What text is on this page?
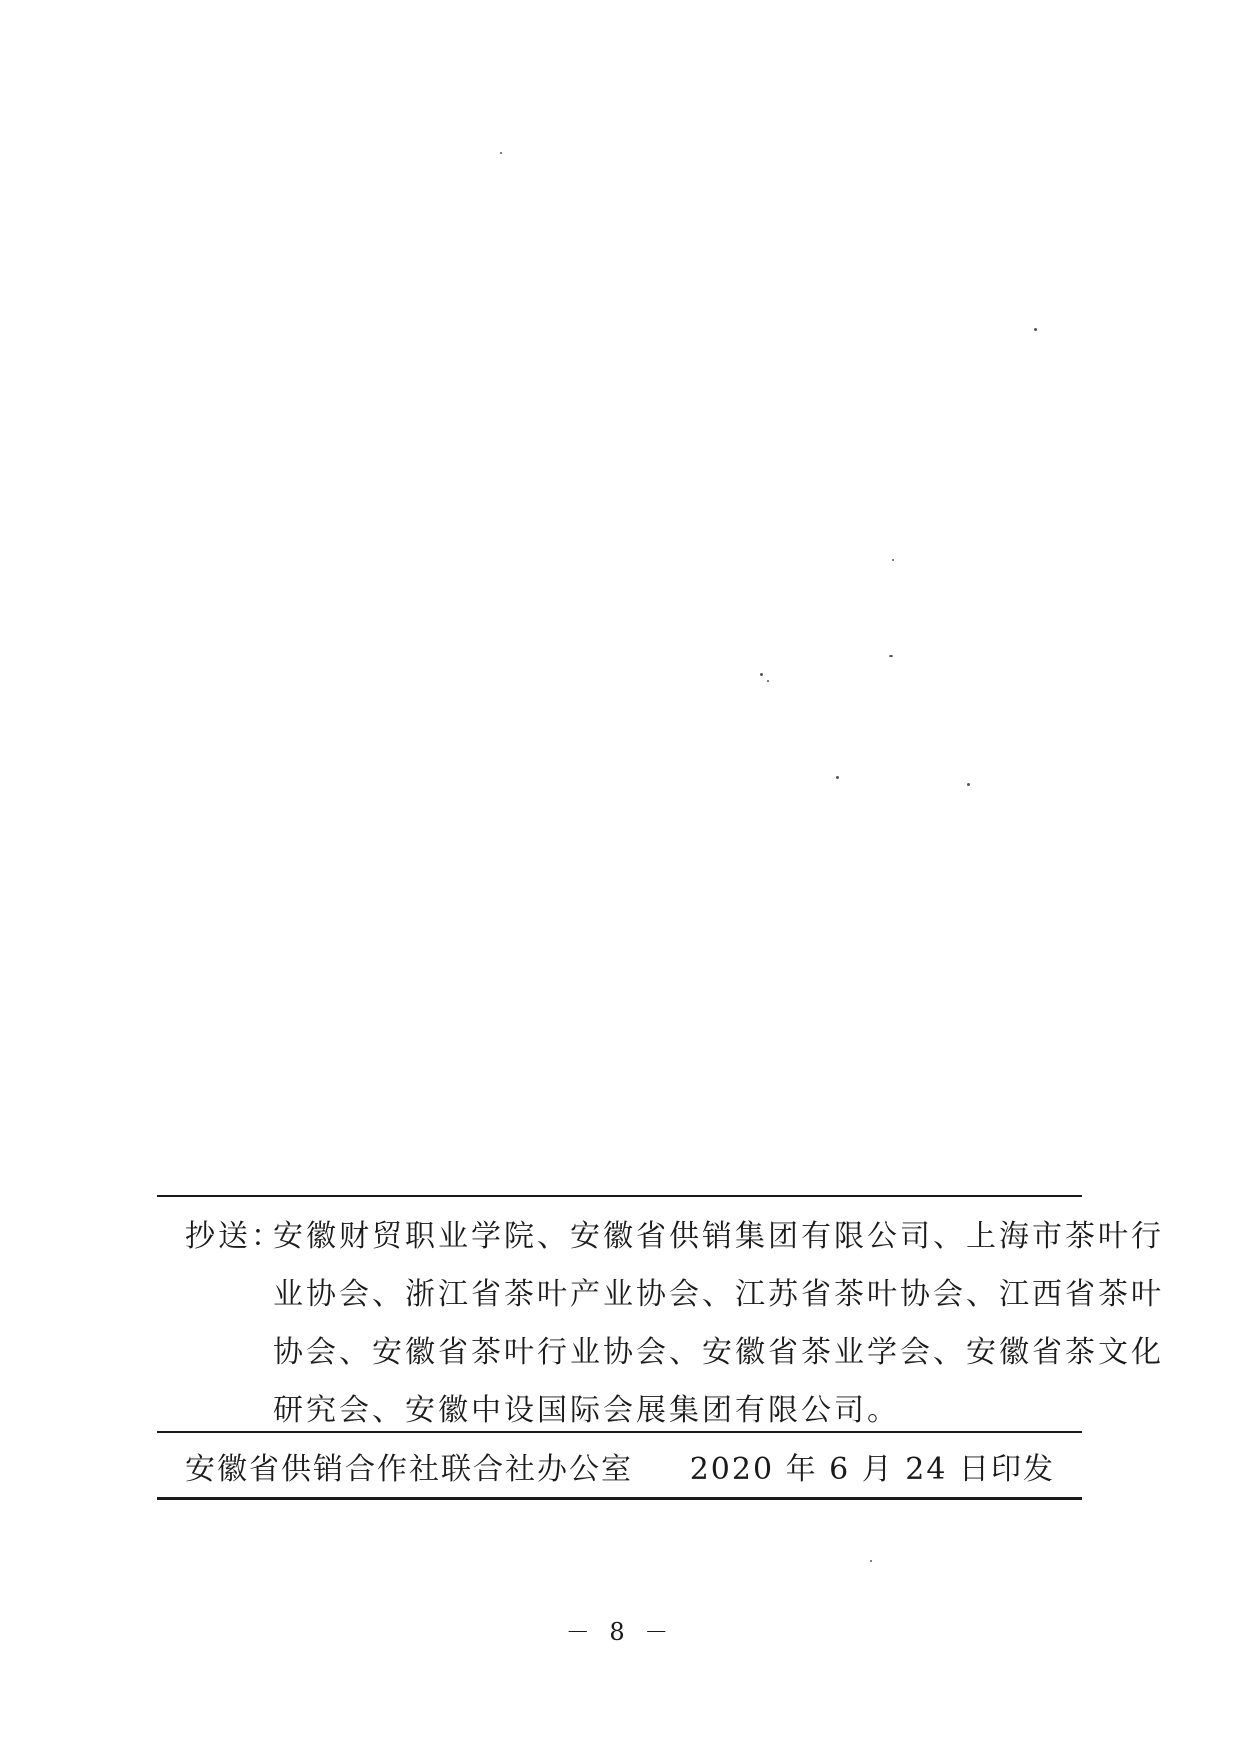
抄送：安徽财贸职业学院、安徽省供销集团有限公司、上海市茶叶行
业协会、浙江省茶叶产业协会、江苏省茶叶协会、江西省茶叶
协会、安徽省茶叶行业协会、安徽省茶业学会、安徽省茶文化
研究会、安徽中设国际会展集团有限公司。
安徽省供销合作社联合社办公室 2020 年 6 月 24 日印发
－ 8 －
